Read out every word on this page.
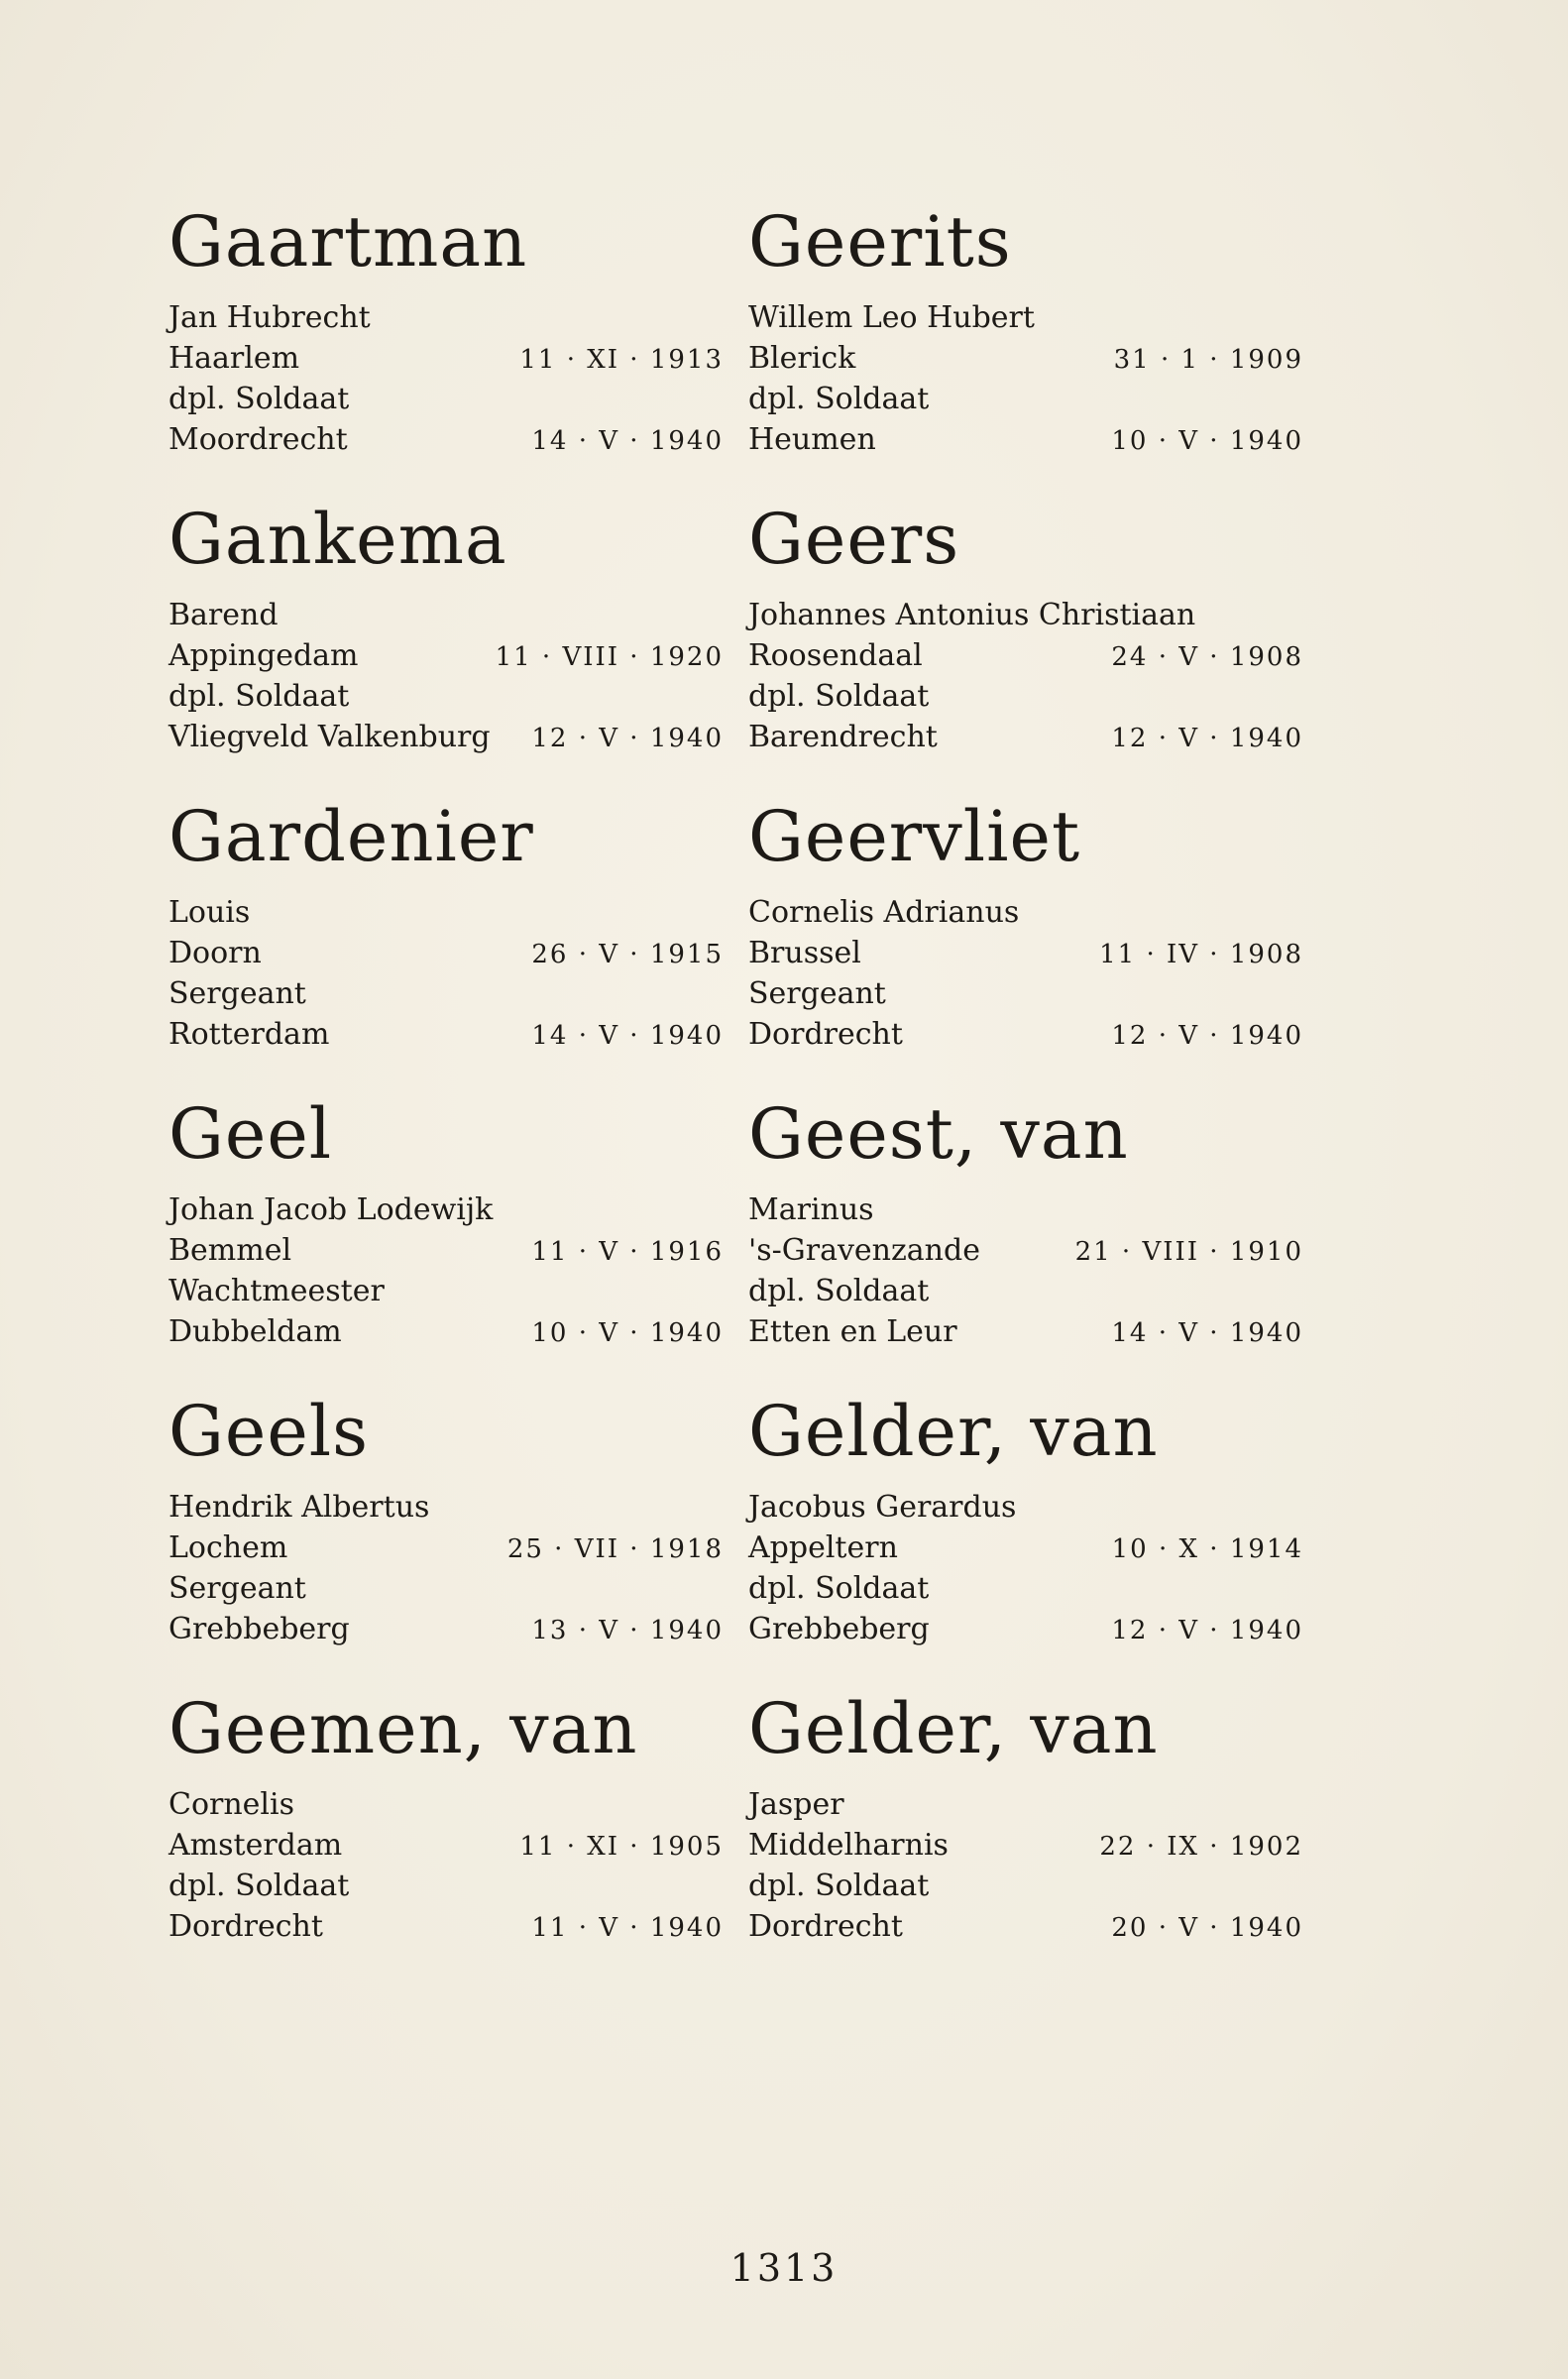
Gaartman
Jan Hubrecht
Haarlem	11 · XI · 1913
dpl. Soldaat
Moordrecht	14 · V · 1940
Gankema
Barend
Appingedam	11 · VIII · 1920
dpl. Soldaat
Vliegveld Valkenburg 12 · V · 1940
Gardenier
Louis
Doorn	26 · V · 1915
Sergeant
Rotterdam	14 · V · 1940
Geel
Johan Jacob Lodewijk
Bemmel	11 · V · 1916
Wachtmeester
Dubbeldam	10 · V · 1940
Geels
Hendrik Albertus
Lochem	25 · VII · 1918
Sergeant
Grebbeberg	13 · V · 1940
Geemen, van
Cornelis
Amsterdam	11 · XI · 1905
dpl. Soldaat
Dordrecht	11 · V · 1940
Geerits
Willem Leo Hubert
Blerick	31 · 1 · 1909
dpl. Soldaat
Heumen	10 · V · 1940
Geers
Johannes Antonius Christiaan
Roosendaal	24 · V · 1908
dpl. Soldaat
Barendrecht	12 · V · 1940
Geervliet
Cornelis Adrianus
Brussel	11 · IV · 1908
Sergeant
Dordrecht	12 · V · 1940
Geest, van
Marinus
's-Gravenzande	21 · VIII · 1910
dpl. Soldaat
Etten en Leur	14 · V · 1940
Gelder, van
Jacobus Gerardus
Appeltern	10 · X · 1914
dpl. Soldaat
Grebbeberg	12 · V · 1940
Gelder, van
Jasper
Middelharnis	22 · IX · 1902
dpl. Soldaat
Dordrecht	20 · V · 1940
1313
